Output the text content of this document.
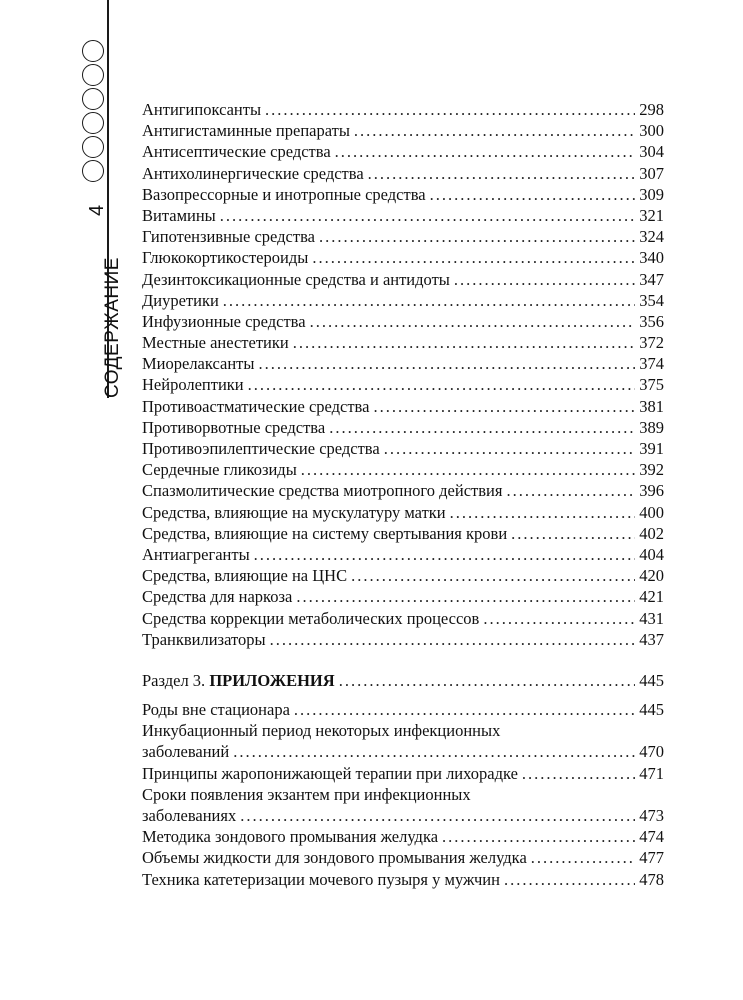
4
СОДЕРЖАНИЕ
Антигипоксанты .....	298
Антигистаминные препараты .....	300
Антисептические средства .....	304
Антихолинергические средства .....	307
Вазопрессорные и инотропные средства .....	309
Витамины .....	321
Гипотензивные средства .....	324
Глюкокортикостероиды .....	340
Дезинтоксикационные средства и антидоты .....	347
Диуретики .....	354
Инфузионные средства .....	356
Местные анестетики .....	372
Миорелаксанты .....	374
Нейролептики .....	375
Противоастматические средства .....	381
Противорвотные средства .....	389
Противоэпилептические средства .....	391
Сердечные гликозиды .....	392
Спазмолитические средства миотропного действия .....	396
Средства, влияющие на мускулатуру матки .....	400
Средства, влияющие на систему свертывания крови .....	402
Антиагреганты .....	404
Средства, влияющие на ЦНС .....	420
Средства для наркоза .....	421
Средства коррекции метаболических процессов .....	431
Транквилизаторы .....	437
Раздел 3. ПРИЛОЖЕНИЯ .....	445
Роды вне стационара .....	445
Инкубационный период некоторых инфекционных
заболеваний .....	470
Принципы жаропонижающей терапии при лихорадке .....	471
Сроки появления экзантем при инфекционных
заболеваниях .....	473
Методика зондового промывания желудка .....	474
Объемы жидкости для зондового промывания желудка .....	477
Техника катетеризации мочевого пузыря у мужчин .....	478
